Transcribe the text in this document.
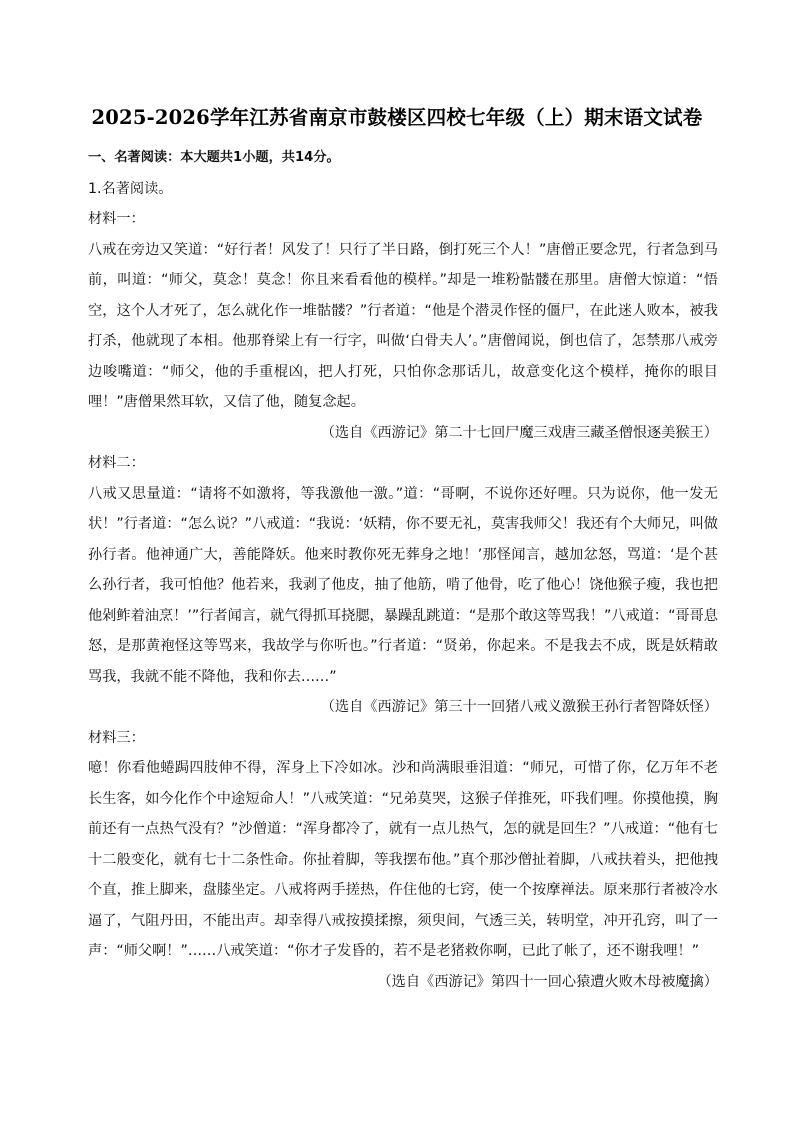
2025-2026学年江苏省南京市鼓楼区四校七年级（上）期末语文试卷

一、名著阅读：本大题共1小题，共14分。

1.名著阅读。

材料一：

八戒在旁边又笑道：“好行者！风发了！只行了半日路，倒打死三个人！”唐僧正要念咒，行者急到马前，叫道：“师父，莫念！莫念！你且来看看他的模样。”却是一堆粉骷髅在那里。唐僧大惊道：“悟空，这个人才死了，怎么就化作一堆骷髅？”行者道：“他是个潜灵作怪的僵尸，在此迷人败本，被我打杀，他就现了本相。他那脊梁上有一行字，叫做‘白骨夫人’。”唐僧闻说，倒也信了，怎禁那八戒旁边唆嘴道：“师父，他的手重棍凶，把人打死，只怕你念那话儿，故意变化这个模样，掩你的眼目哩！”唐僧果然耳软，又信了他，随复念起。

（选自《西游记》第二十七回尸魔三戏唐三藏圣僧恨逐美猴王）

材料二：

八戒又思量道：“请将不如激将，等我激他一激。”道：“哥啊，不说你还好哩。只为说你，他一发无状！”行者道：“怎么说？”八戒道：“我说：‘妖精，你不要无礼，莫害我师父！我还有个大师兄，叫做孙行者。他神通广大，善能降妖。他来时教你死无葬身之地！’那怪闻言，越加忿怒，骂道：‘是个甚么孙行者，我可怕他？他若来，我剥了他皮，抽了他筋，啃了他骨，吃了他心！饶他猴子瘦，我也把他剁鲊着油烹！’”行者闻言，就气得抓耳挠腮，暴躁乱跳道：“是那个敢这等骂我！”八戒道：“哥哥息怒，是那黄袍怪这等骂来，我故学与你听也。”行者道：“贤弟，你起来。不是我去不成，既是妖精敢骂我，我就不能不降他，我和你去……”

（选自《西游记》第三十一回猪八戒义激猴王孙行者智降妖怪）

材料三：

噫！你看他蜷跼四肢伸不得，浑身上下冷如冰。沙和尚满眼垂泪道：“师兄，可惜了你，亿万年不老长生客，如今化作个中途短命人！”八戒笑道：“兄弟莫哭，这猴子佯推死，吓我们哩。你摸他摸，胸前还有一点热气没有？”沙僧道：“浑身都冷了，就有一点儿热气，怎的就是回生？”八戒道：“他有七十二般变化，就有七十二条性命。你扯着脚，等我摆布他。”真个那沙僧扯着脚，八戒扶着头，把他拽个直，推上脚来，盘膝坐定。八戒将两手搓热，仵住他的七窍，使一个按摩禅法。原来那行者被冷水逼了，气阻丹田，不能出声。却幸得八戒按摸揉擦，须臾间，气透三关，转明堂，冲开孔窍，叫了一声：“师父啊！”……八戒笑道：“你才子发昏的，若不是老猪救你啊，已此了帐了，还不谢我哩！”

（选自《西游记》第四十一回心猿遭火败木母被魔擒）
